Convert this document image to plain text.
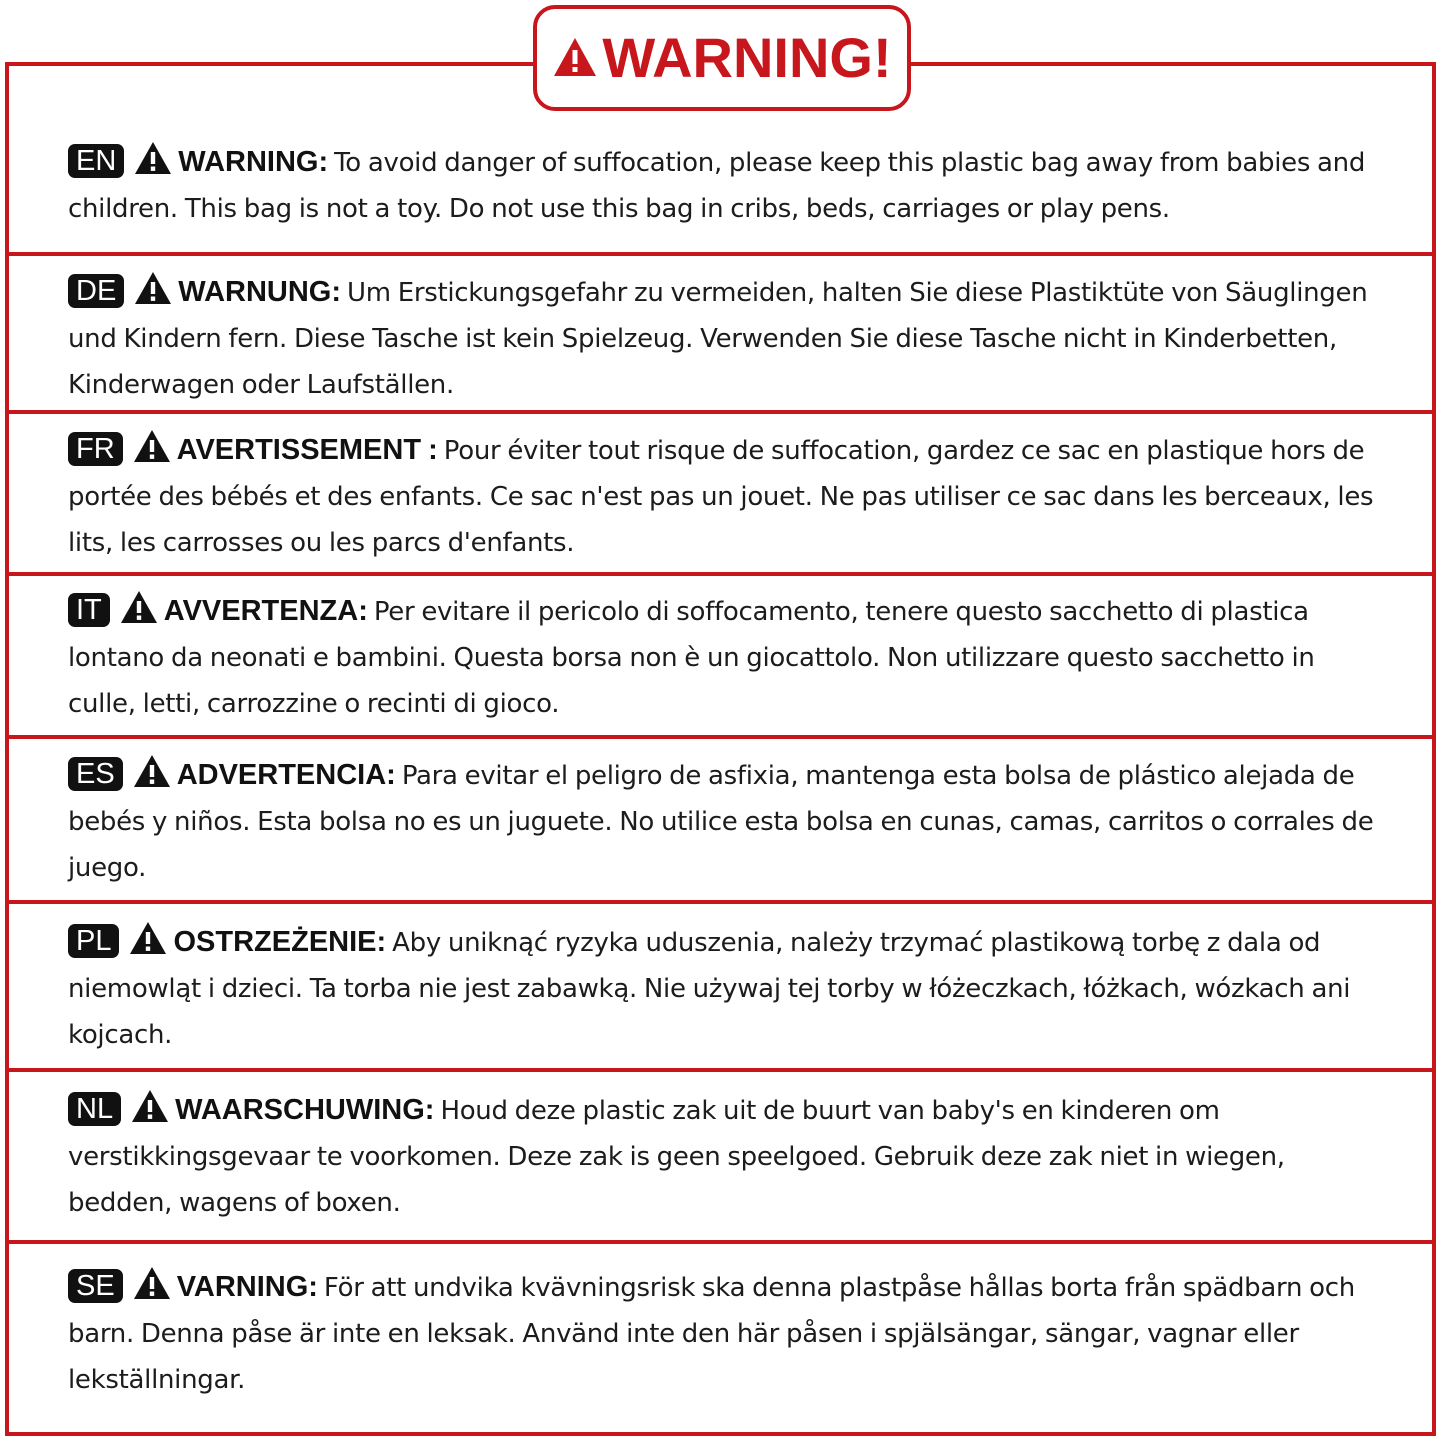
WARNING!
EN WARNING: To avoid danger of suffocation, please keep this plastic bag away from babies and children. This bag is not a toy. Do not use this bag in cribs, beds, carriages or play pens.
DE WARNUNG: Um Erstickungsgefahr zu vermeiden, halten Sie diese Plastiktüte von Säuglingen und Kindern fern. Diese Tasche ist kein Spielzeug. Verwenden Sie diese Tasche nicht in Kinderbetten, Kinderwagen oder Laufställen.
FR AVERTISSEMENT : Pour éviter tout risque de suffocation, gardez ce sac en plastique hors de portée des bébés et des enfants. Ce sac n'est pas un jouet. Ne pas utiliser ce sac dans les berceaux, les lits, les carrosses ou les parcs d'enfants.
IT AVVERTENZA: Per evitare il pericolo di soffocamento, tenere questo sacchetto di plastica lontano da neonati e bambini. Questa borsa non è un giocattolo. Non utilizzare questo sacchetto in culle, letti, carrozzine o recinti di gioco.
ES ADVERTENCIA: Para evitar el peligro de asfixia, mantenga esta bolsa de plástico alejada de bebés y niños. Esta bolsa no es un juguete. No utilice esta bolsa en cunas, camas, carritos o corrales de juego.
PL OSTRZEŻENIE: Aby uniknąć ryzyka uduszenia, należy trzymać plastikową torbę z dala od niemowląt i dzieci. Ta torba nie jest zabawką. Nie używaj tej torby w łóżeczkach, łóżkach, wózkach ani kojcach.
NL WAARSCHUWING: Houd deze plastic zak uit de buurt van baby's en kinderen om verstikkingsgevaar te voorkomen. Deze zak is geen speelgoed. Gebruik deze zak niet in wiegen, bedden, wagens of boxen.
SE VARNING: För att undvika kvävningsrisk ska denna plastpåse hållas borta från spädbarn och barn. Denna påse är inte en leksak. Använd inte den här påsen i spjälsängar, sängar, vagnar eller lekställningar.
